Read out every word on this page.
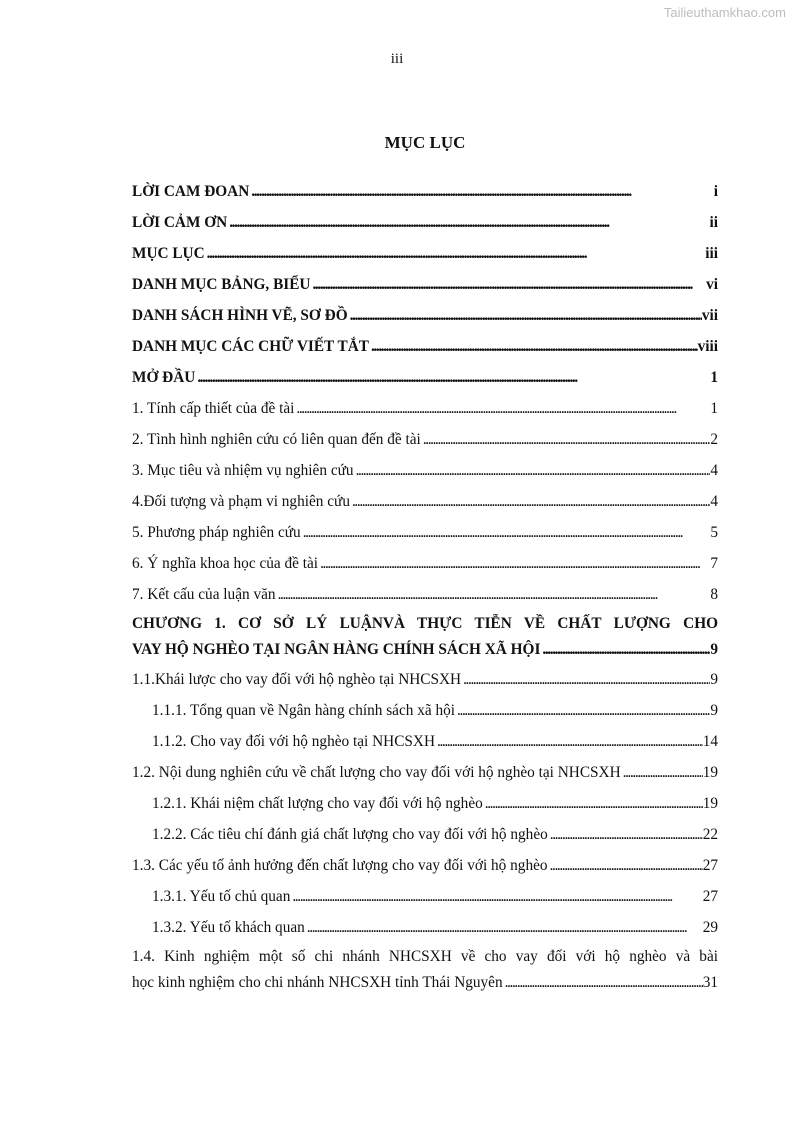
Tailieuthamkhao.com
iii
MỤC LỤC
LỜI CAM ĐOAN . . .	i
LỜI CẢM ƠN . . .	ii
MỤC LỤC . . .	iii
DANH MỤC BẢNG, BIỂU . . .	vi
DANH SÁCH HÌNH VẼ, SƠ ĐỒ . . .	vii
DANH MỤC CÁC CHỮ VIẾT TẮT . . .	viii
MỞ ĐẦU . . .	1
1. Tính cấp thiết của đề tài . . .	1
2. Tình hình nghiên cứu có liên quan đến đề tài . . .	2
3. Mục tiêu và nhiệm vụ nghiên cứu . . .	4
4.Đối tượng và phạm vi nghiên cứu . . .	4
5. Phương pháp nghiên cứu . . .	5
6. Ý nghĩa khoa học của đề tài . . .	7
7. Kết cấu của luận văn . . .	8
CHƯƠNG 1. CƠ SỞ LÝ LUẬNVÀ THỰC TIỄN VỀ CHẤT LƯỢNG CHO
VAY HỘ NGHÈO TẠI NGÂN HÀNG CHÍNH SÁCH XÃ HỘI . . .	9
1.1.Khái lược cho vay đối với hộ nghèo tại NHCSXH . . .	9
1.1.1. Tổng quan về Ngân hàng chính sách xã hội . . .	9
1.1.2. Cho vay đối với hộ nghèo tại NHCSXH . . .	14
1.2. Nội dung nghiên cứu về chất lượng cho vay đối với hộ nghèo tại NHCSXH . . .	19
1.2.1. Khái niệm chất lượng cho vay đối với hộ nghèo . . .	19
1.2.2. Các tiêu chí đánh giá chất lượng cho vay đối với hộ nghèo . . .	22
1.3. Các yếu tố ảnh hưởng đến chất lượng cho vay đối với hộ nghèo . . .	27
1.3.1. Yếu tố chủ quan . . .	27
1.3.2. Yếu tố khách quan . . .	29
1.4. Kinh nghiệm một số chi nhánh NHCSXH về cho vay đối với hộ nghèo và bài
học kinh nghiệm cho chi nhánh NHCSXH tỉnh Thái Nguyên . . .	31
